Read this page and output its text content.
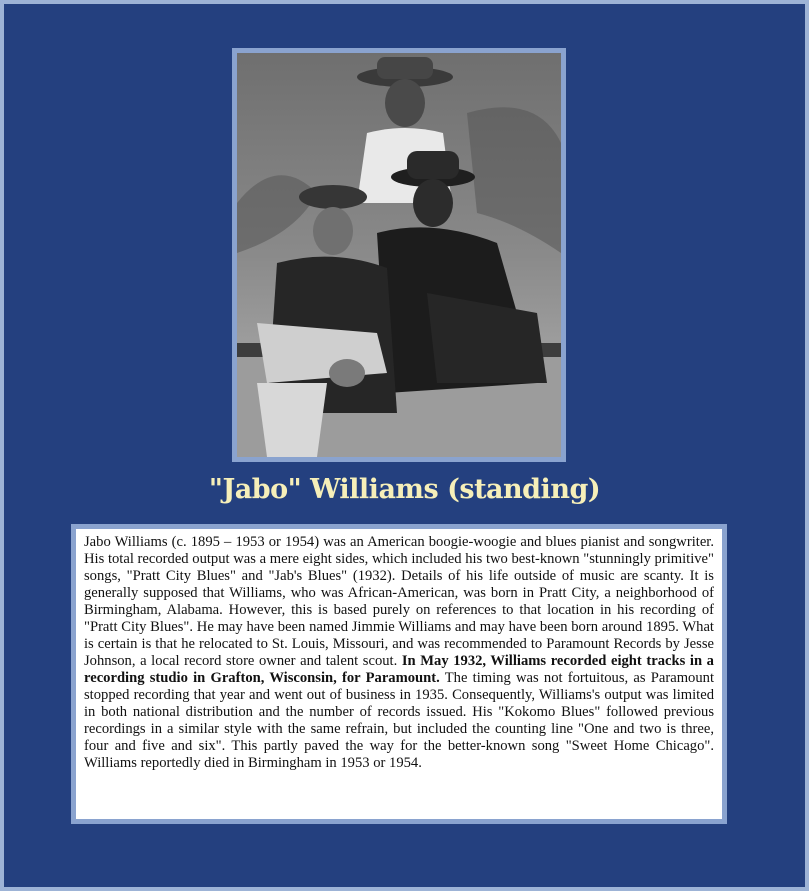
"Jabo" Williams (standing)
Jabo Williams (c. 1895 – 1953 or 1954) was an American boogie-woogie and blues pianist and songwriter. His total recorded output was a mere eight sides, which included his two best-known "stunningly primitive" songs, "Pratt City Blues" and "Jab's Blues" (1932). Details of his life outside of music are scanty. It is generally supposed that Williams, who was African-American, was born in Pratt City, a neighborhood of Birmingham, Alabama. However, this is based purely on references to that location in his recording of "Pratt City Blues". He may have been named Jimmie Williams and may have been born around 1895. What is certain is that he relocated to St. Louis, Missouri, and was recommended to Paramount Records by Jesse Johnson, a local record store owner and talent scout. In May 1932, Williams recorded eight tracks in a recording studio in Grafton, Wisconsin, for Paramount. The timing was not fortuitous, as Paramount stopped recording that year and went out of business in 1935. Consequently, Williams's output was limited in both national distribution and the number of records issued. His "Kokomo Blues" followed previous recordings in a similar style with the same refrain, but included the counting line "One and two is three, four and five and six". This partly paved the way for the better-known song "Sweet Home Chicago". Williams reportedly died in Birmingham in 1953 or 1954.
